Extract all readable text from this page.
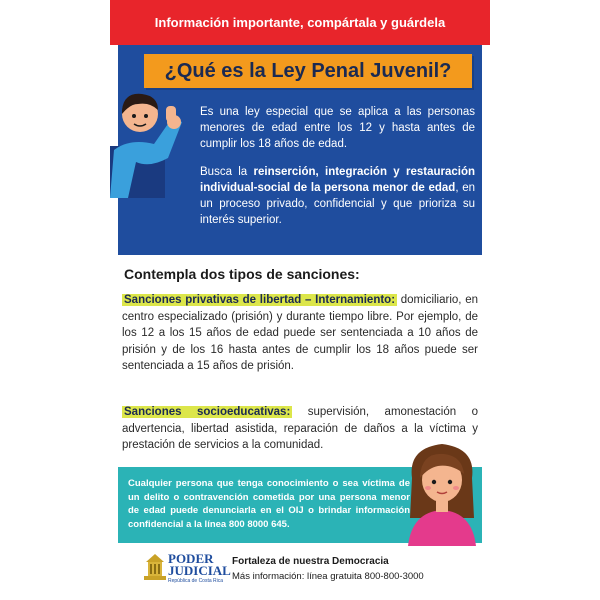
Información importante, compártala y guárdela
¿Qué es la Ley Penal Juvenil?

Es una ley especial que se aplica a las personas menores de edad entre los 12 y hasta antes de cumplir los 18 años de edad.

Busca la reinserción, integración y restauración individual-social de la persona menor de edad, en un proceso privado, confidencial y que prioriza su interés superior.

Contempla dos tipos de sanciones:
Sanciones privativas de libertad – Internamiento: domiciliario, en centro especializado (prisión) y durante tiempo libre. Por ejemplo, de los 12 a los 15 años de edad puede ser sentenciada a 10 años de prisión y de los 16 hasta antes de cumplir los 18 años puede ser sentenciada a 15 años de prisión.
Sanciones socioeducativas: supervisión, amonestación o advertencia, libertad asistida, reparación de daños a la víctima y prestación de servicios a la comunidad.
Cualquier persona que tenga conocimiento o sea víctima de un delito o contravención cometida por una persona menor de edad puede denunciarla en el OIJ o brindar información confidencial a la línea 800 8000 645.
PODER
JUDICIAL
República de Costa Rica
Fortaleza de nuestra Democracia
Más información: línea gratuita 800-800-3000
